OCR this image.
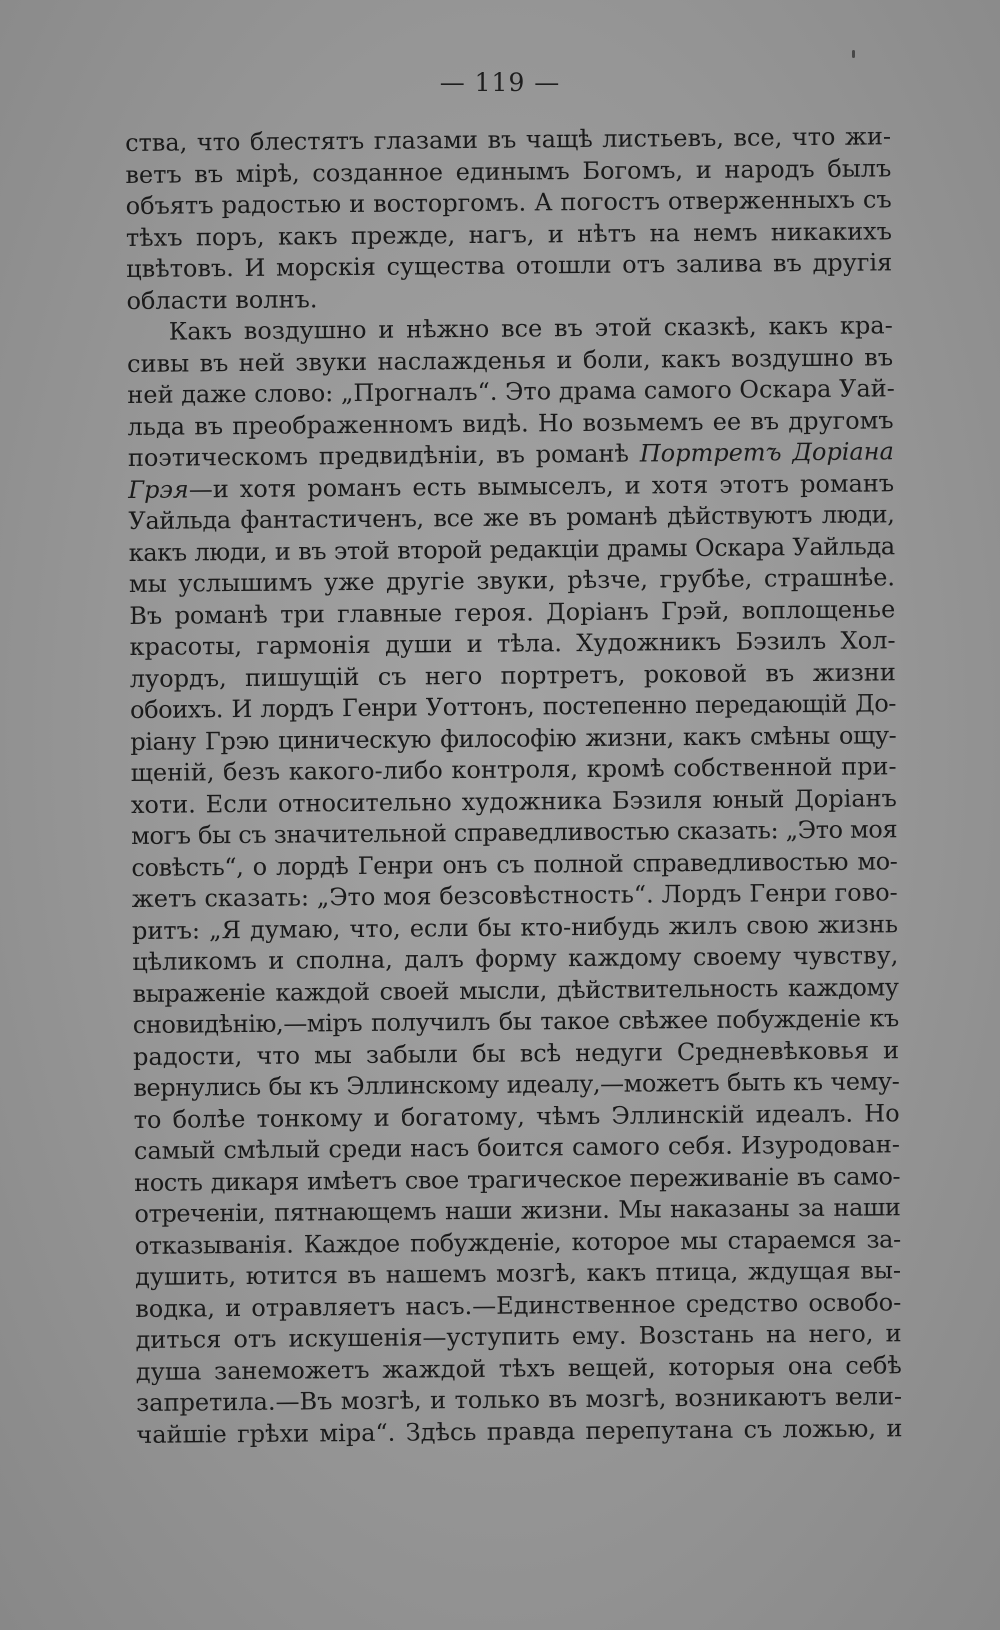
— 119 —
ства, что блестятъ глазами въ чащѣ листьевъ, все, что жи-
ветъ въ мірѣ, созданное единымъ Богомъ, и народъ былъ
объятъ радостью и восторгомъ. А погостъ отверженныхъ съ
тѣхъ поръ, какъ прежде, нагъ, и нѣтъ на немъ никакихъ
цвѣтовъ. И морскія существа отошли отъ залива въ другія
области волнъ.
Какъ воздушно и нѣжно все въ этой сказкѣ, какъ кра-
сивы въ ней звуки наслажденья и боли, какъ воздушно въ
ней даже слово: „Прогналъ“. Это драма самого Оскара Уай-
льда въ преображенномъ видѣ. Но возьмемъ ее въ другомъ
поэтическомъ предвидѣніи, въ романѣ Портретъ Доріана
Грэя—и хотя романъ есть вымыселъ, и хотя этотъ романъ
Уайльда фантастиченъ, все же въ романѣ дѣйствуютъ люди,
какъ люди, и въ этой второй редакціи драмы Оскара Уайльда
мы услышимъ уже другіе звуки, рѣзче, грубѣе, страшнѣе.
Въ романѣ три главные героя. Доріанъ Грэй, воплощенье
красоты, гармонія души и тѣла. Художникъ Бэзилъ Хол-
луордъ, пишущій съ него портретъ, роковой въ жизни
обоихъ. И лордъ Генри Уоттонъ, постепенно передающій До-
ріану Грэю циническую философію жизни, какъ смѣны ощу-
щеній, безъ какого-либо контроля, кромѣ собственной при-
хоти. Если относительно художника Бэзиля юный Доріанъ
могъ бы съ значительной справедливостью сказать: „Это моя
совѣсть“, о лордѣ Генри онъ съ полной справедливостью мо-
жетъ сказать: „Это моя безсовѣстность“. Лордъ Генри гово-
ритъ: „Я думаю, что, если бы кто-нибудь жилъ свою жизнь
цѣликомъ и сполна, далъ форму каждому своему чувству,
выраженіе каждой своей мысли, дѣйствительность каждому
сновидѣнію,—міръ получилъ бы такое свѣжее побужденіе къ
радости, что мы забыли бы всѣ недуги Средневѣковья и
вернулись бы къ Эллинскому идеалу,—можетъ быть къ чему-
то болѣе тонкому и богатому, чѣмъ Эллинскій идеалъ. Но
самый смѣлый среди насъ боится самого себя. Изуродован-
ность дикаря имѣетъ свое трагическое переживаніе въ само-
отреченіи, пятнающемъ наши жизни. Мы наказаны за наши
отказыванія. Каждое побужденіе, которое мы стараемся за-
душить, ютится въ нашемъ мозгѣ, какъ птица, ждущая вы-
водка, и отравляетъ насъ.—Единственное средство освобо-
диться отъ искушенія—уступить ему. Возстань на него, и
душа занеможетъ жаждой тѣхъ вещей, которыя она себѣ
запретила.—Въ мозгѣ, и только въ мозгѣ, возникаютъ вели-
чайшіе грѣхи міра“. Здѣсь правда перепутана съ ложью, и
